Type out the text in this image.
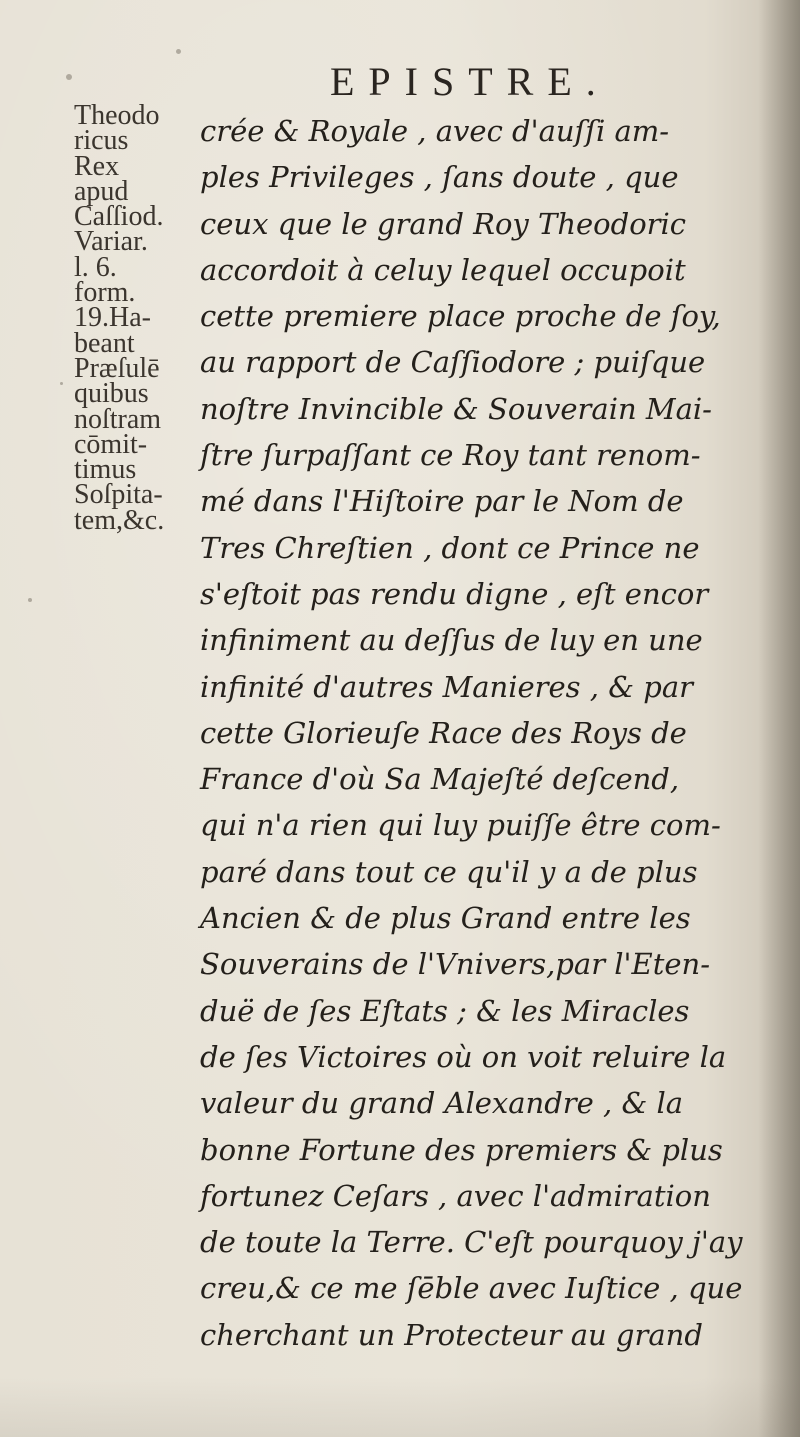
EPISTRE.
Theodo
ricus
Rex
apud
Caſſiod.
Variar.
l. 6.
form.
19.Ha-
beant
Præſulē
quibus
noſtram
cōmit-
timus
Soſpita-
tem,&c.
crée & Royale , avec d'auſſi am-
ples Privileges , ſans doute , que
ceux que le grand Roy Theodoric
accordoit à celuy lequel occupoit
cette premiere place proche de ſoy,
au rapport de Caſſiodore ; puiſque
noſtre Invincible & Souverain Mai-
ſtre ſurpaſſant ce Roy tant renom-
mé dans l'Hiſtoire par le Nom de
Tres Chreſtien , dont ce Prince ne
s'eſtoit pas rendu digne , eſt encor
infiniment au deſſus de luy en une
infinité d'autres Manieres , & par
cette Glorieuſe Race des Roys de
France d'où Sa Majeſté deſcend,
qui n'a rien qui luy puiſſe être com-
paré dans tout ce qu'il y a de plus
Ancien & de plus Grand entre les
Souverains de l'Vnivers,par l'Eten-
duë de ſes Eſtats ; & les Miracles
de ſes Victoires où on voit reluire la
valeur du grand Alexandre , & la
bonne Fortune des premiers & plus
fortunez Ceſars , avec l'admiration
de toute la Terre. C'eſt pourquoy j'ay
creu,& ce me ſēble avec Iuſtice , que
cherchant un Protecteur au grand
